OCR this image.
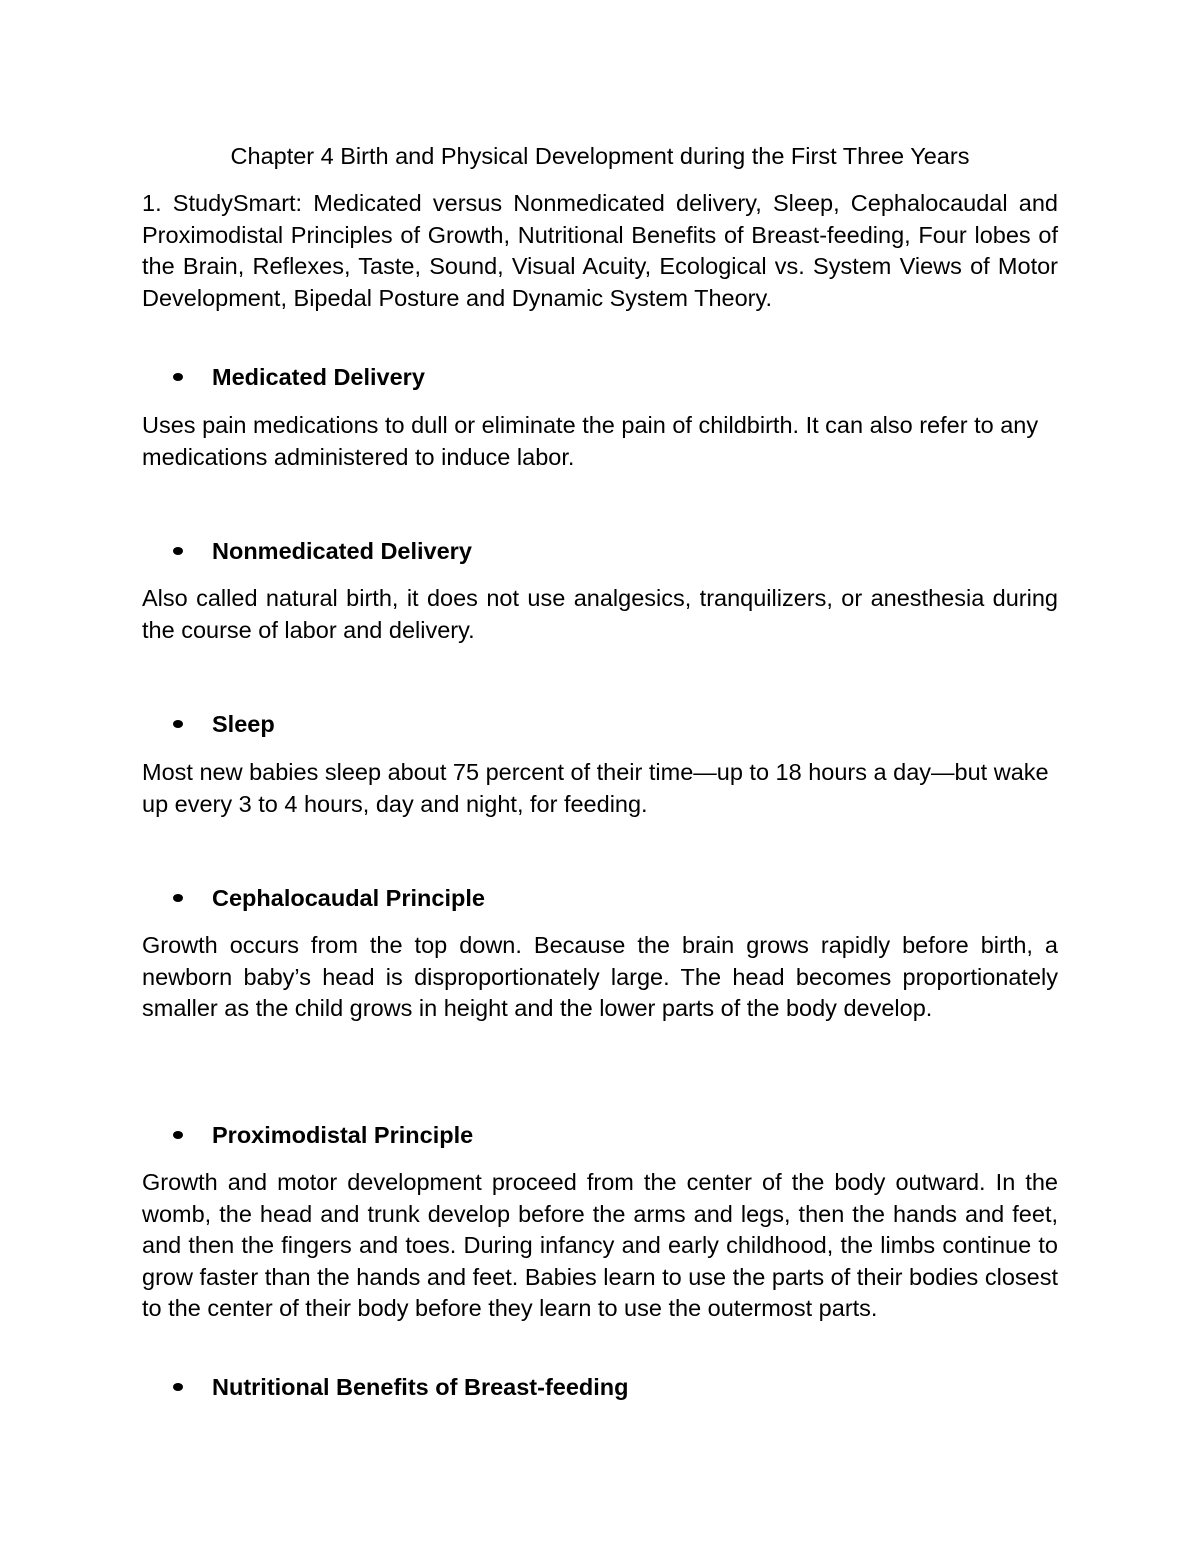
Chapter 4 Birth and Physical Development during the First Three Years
1. StudySmart: Medicated versus Nonmedicated delivery, Sleep, Cephalocaudal and Proximodistal Principles of Growth, Nutritional Benefits of Breast-feeding, Four lobes of the Brain, Reflexes, Taste, Sound, Visual Acuity, Ecological vs. System Views of Motor Development, Bipedal Posture and Dynamic System Theory.
Medicated Delivery
Uses pain medications to dull or eliminate the pain of childbirth. It can also refer to any medications administered to induce labor.
Nonmedicated Delivery
Also called natural birth, it does not use analgesics, tranquilizers, or anesthesia during the course of labor and delivery.
Sleep
Most new babies sleep about 75 percent of their time—up to 18 hours a day—but wake up every 3 to 4 hours, day and night, for feeding.
Cephalocaudal Principle
Growth occurs from the top down. Because the brain grows rapidly before birth, a newborn baby’s head is disproportionately large. The head becomes proportionately smaller as the child grows in height and the lower parts of the body develop.
Proximodistal Principle
Growth and motor development proceed from the center of the body outward. In the womb, the head and trunk develop before the arms and legs, then the hands and feet, and then the fingers and toes. During infancy and early childhood, the limbs continue to grow faster than the hands and feet. Babies learn to use the parts of their bodies closest to the center of their body before they learn to use the outermost parts.
Nutritional Benefits of Breast-feeding
